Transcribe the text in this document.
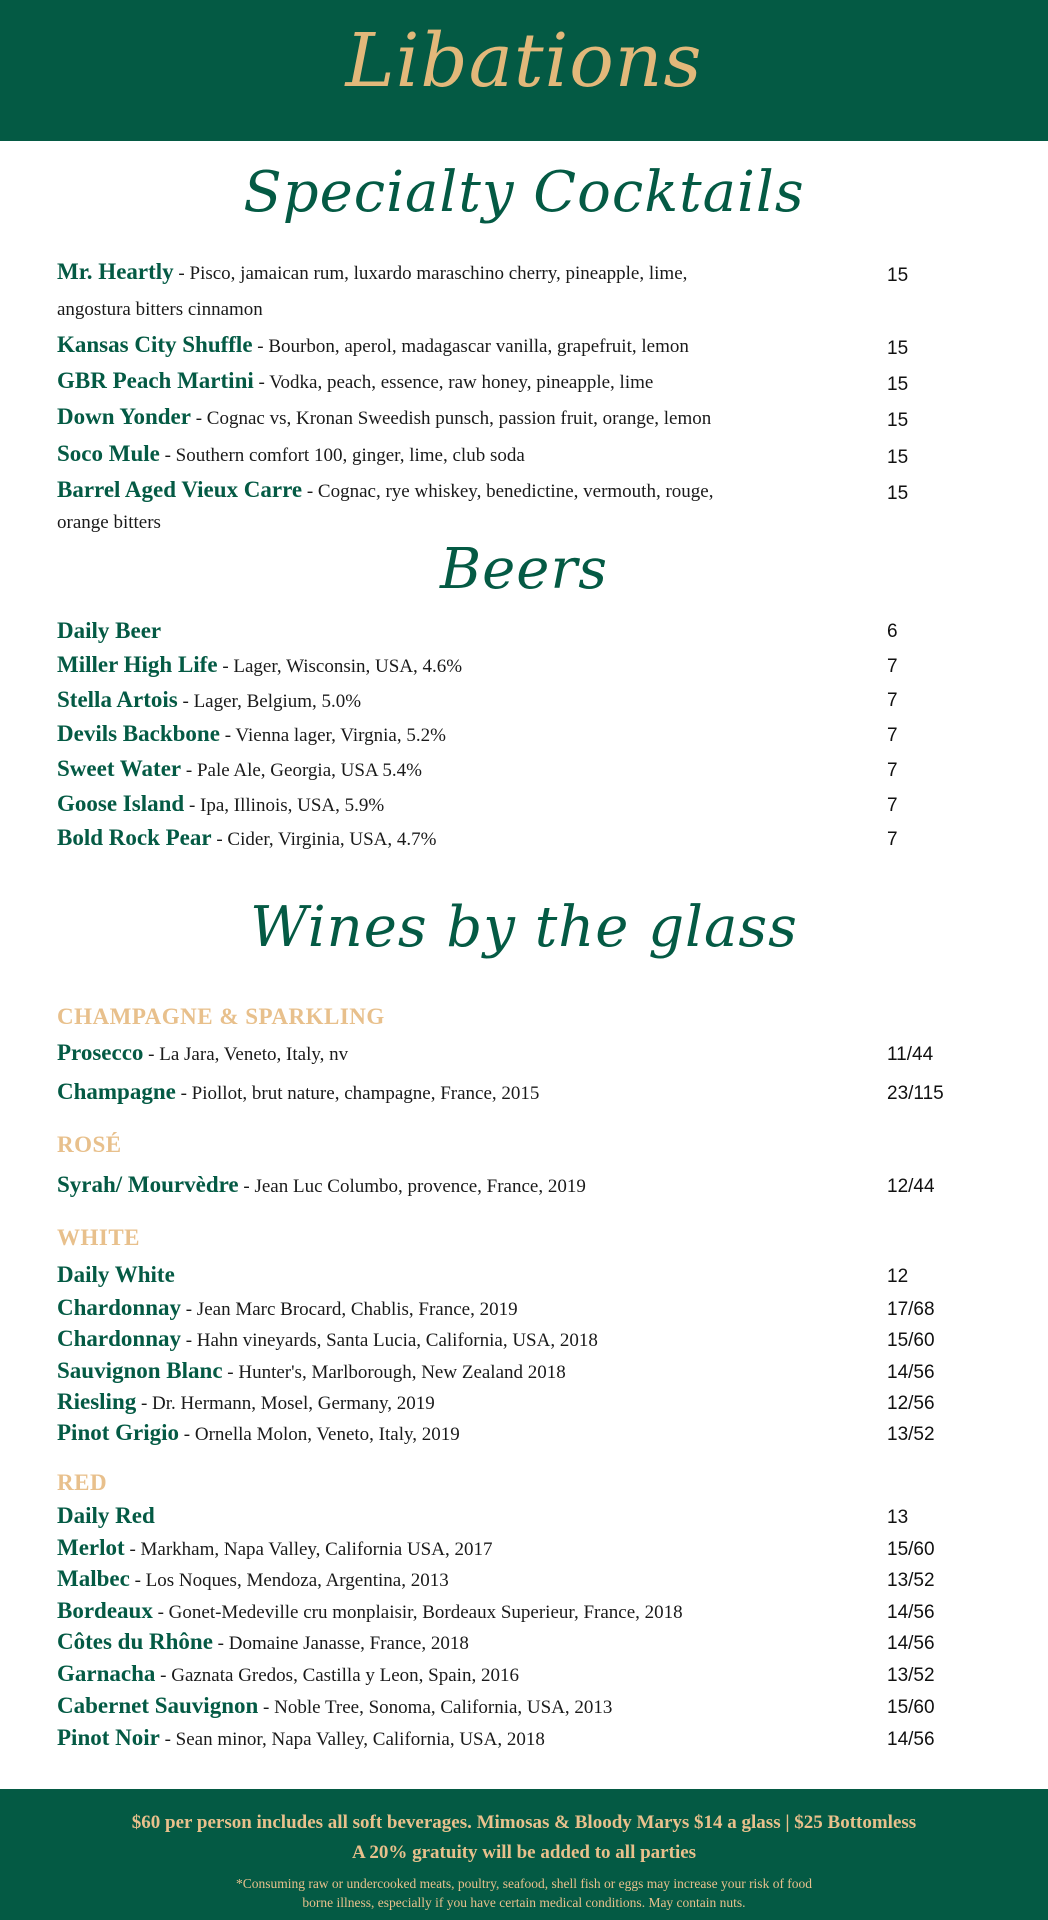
Libations
Specialty Cocktails
Mr. Heartly - Pisco, jamaican rum, luxardo maraschino cherry, pineapple, lime,
angostura bitters cinnamon
15
Kansas City Shuffle - Bourbon, aperol, madagascar vanilla, grapefruit, lemon	15
GBR Peach Martini - Vodka, peach, essence, raw honey, pineapple, lime	15
Down Yonder - Cognac vs, Kronan Sweedish punsch, passion fruit, orange, lemon	15
Soco Mule - Southern comfort 100, ginger, lime, club soda	15
Barrel Aged Vieux Carre - Cognac, rye whiskey, benedictine, vermouth, rouge,
orange bitters
15
Beers
Daily Beer	6
Miller High Life - Lager, Wisconsin, USA, 4.6%	7
Stella Artois - Lager, Belgium, 5.0%	7
Devils Backbone - Vienna lager, Virgnia, 5.2%	7
Sweet Water - Pale Ale, Georgia, USA 5.4%	7
Goose Island - Ipa, Illinois, USA, 5.9%	7
Bold Rock Pear - Cider, Virginia, USA, 4.7%	7
Wines by the glass
CHAMPAGNE & SPARKLING
Prosecco - La Jara, Veneto, Italy, nv	11/44
Champagne - Piollot, brut nature, champagne, France, 2015	23/115
ROSÉ
Syrah/ Mourvèdre - Jean Luc Columbo, provence, France, 2019	12/44
WHITE
Daily White	12
Chardonnay - Jean Marc Brocard, Chablis, France, 2019	17/68
Chardonnay - Hahn vineyards, Santa Lucia, California, USA, 2018	15/60
Sauvignon Blanc - Hunter's, Marlborough, New Zealand 2018	14/56
Riesling - Dr. Hermann, Mosel, Germany, 2019	12/56
Pinot Grigio - Ornella Molon, Veneto, Italy, 2019	13/52
RED
Daily Red	13
Merlot - Markham, Napa Valley, California USA, 2017	15/60
Malbec - Los Noques, Mendoza, Argentina, 2013	13/52
Bordeaux - Gonet-Medeville cru monplaisir, Bordeaux Superieur, France, 2018	14/56
Côtes du Rhône - Domaine Janasse, France, 2018	14/56
Garnacha - Gaznata Gredos, Castilla y Leon, Spain, 2016	13/52
Cabernet Sauvignon - Noble Tree, Sonoma, California, USA, 2013	15/60
Pinot Noir - Sean minor, Napa Valley, California, USA, 2018	14/56
$60 per person includes all soft beverages. Mimosas & Bloody Marys $14 a glass | $25 Bottomless
A 20% gratuity will be added to all parties
*Consuming raw or undercooked meats, poultry, seafood, shell fish or eggs may increase your risk of food
borne illness, especially if you have certain medical conditions. May contain nuts.
